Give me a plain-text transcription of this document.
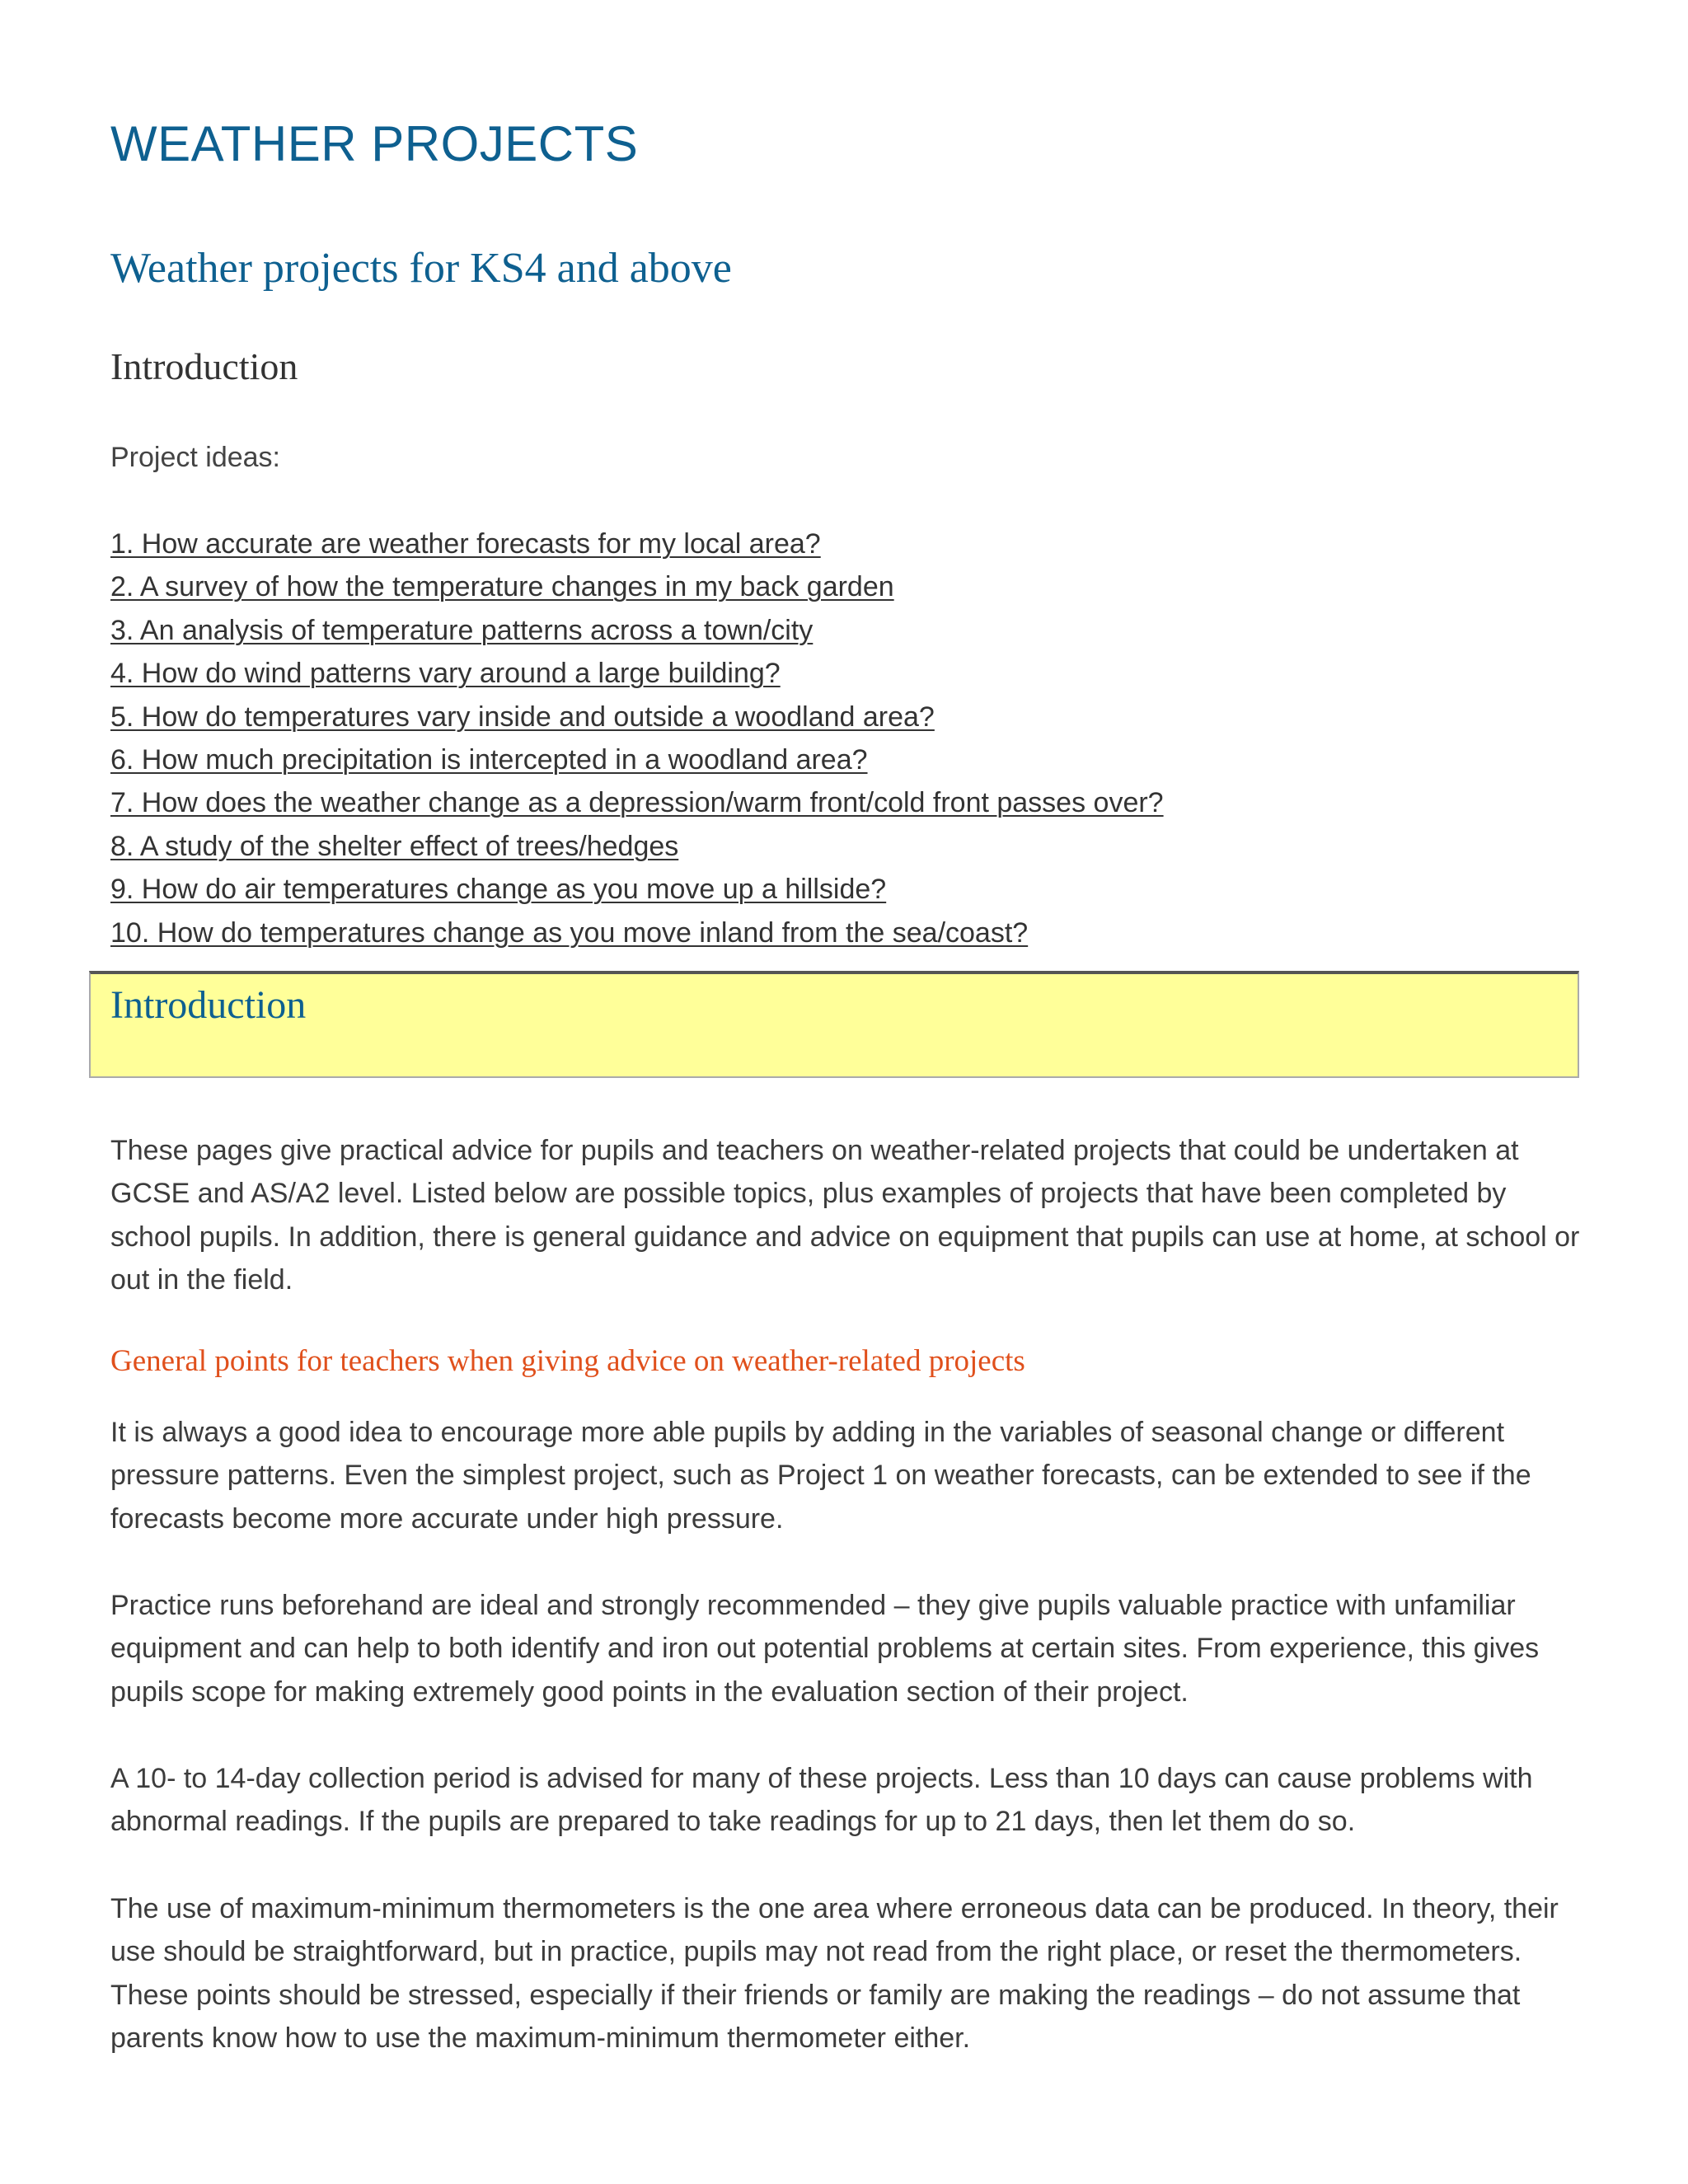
WEATHER PROJECTS
Weather projects for KS4 and above
Introduction

Project ideas:

1. How accurate are weather forecasts for my local area?
2. A survey of how the temperature changes in my back garden
3. An analysis of temperature patterns across a town/city
4. How do wind patterns vary around a large building?
5. How do temperatures vary inside and outside a woodland area?
6. How much precipitation is intercepted in a woodland area?
7. How does the weather change as a depression/warm front/cold front passes over?
8. A study of the shelter effect of trees/hedges
9. How do air temperatures change as you move up a hillside?
10. How do temperatures change as you move inland from the sea/coast?
Introduction

These pages give practical advice for pupils and teachers on weather-related projects that could be undertaken at GCSE and AS/A2 level. Listed below are possible topics, plus examples of projects that have been completed by school pupils. In addition, there is general guidance and advice on equipment that pupils can use at home, at school or out in the field.

General points for teachers when giving advice on weather-related projects

It is always a good idea to encourage more able pupils by adding in the variables of seasonal change or different pressure patterns. Even the simplest project, such as Project 1 on weather forecasts, can be extended to see if the forecasts become more accurate under high pressure.

Practice runs beforehand are ideal and strongly recommended – they give pupils valuable practice with unfamiliar equipment and can help to both identify and iron out potential problems at certain sites. From experience, this gives pupils scope for making extremely good points in the evaluation section of their project.

A 10- to 14-day collection period is advised for many of these projects. Less than 10 days can cause problems with abnormal readings. If the pupils are prepared to take readings for up to 21 days, then let them do so.

The use of maximum-minimum thermometers is the one area where erroneous data can be produced. In theory, their use should be straightforward, but in practice, pupils may not read from the right place, or reset the thermometers. These points should be stressed, especially if their friends or family are making the readings – do not assume that parents know how to use the maximum-minimum thermometer either.
